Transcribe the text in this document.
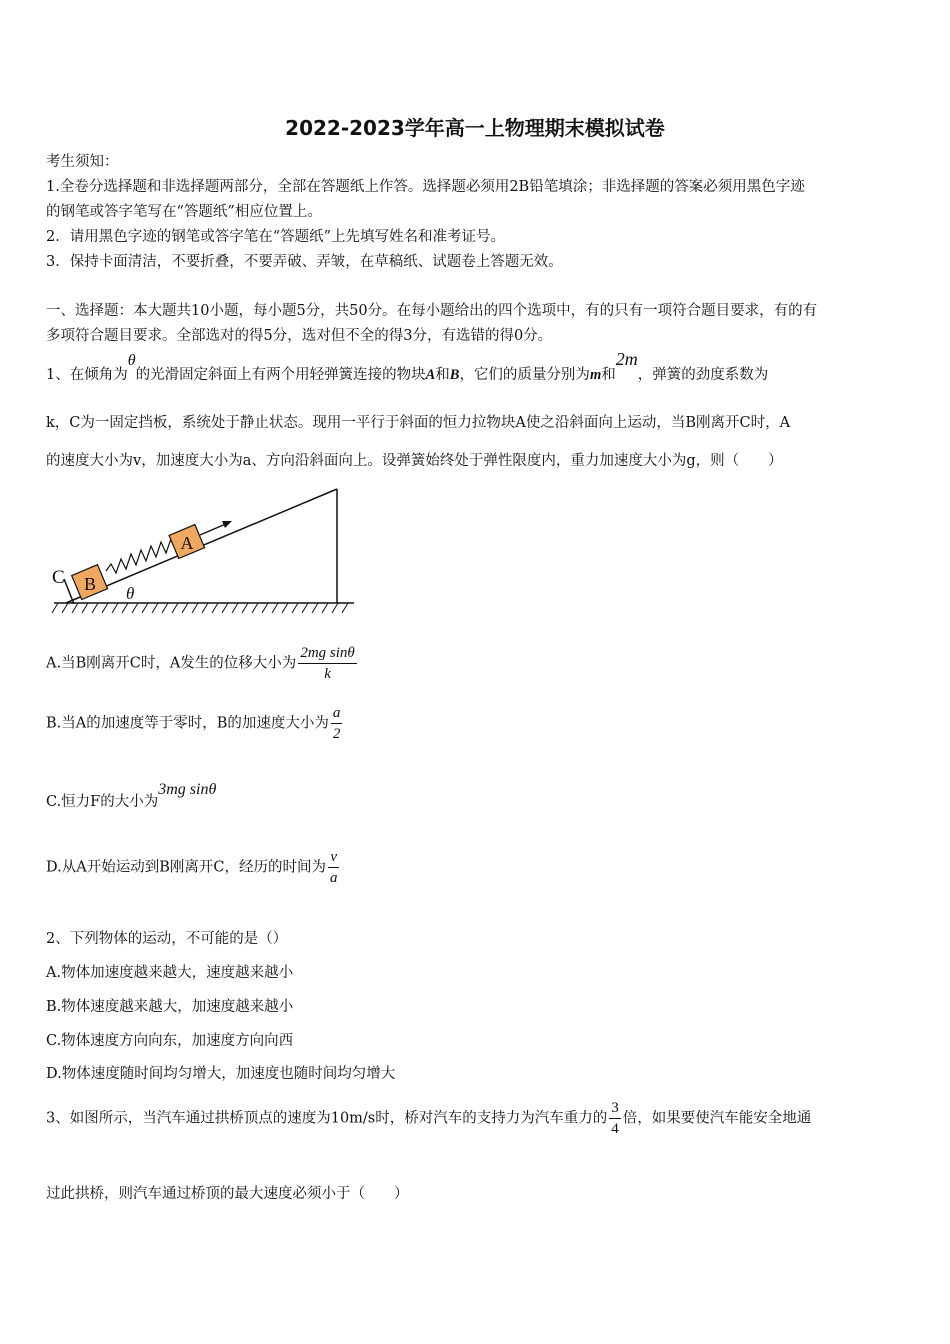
2022-2023学年高一上物理期末模拟试卷
考生须知：
1.全卷分选择题和非选择题两部分，全部在答题纸上作答。选择题必须用2B铅笔填涂；非选择题的答案必须用黑色字迹
的钢笔或答字笔写在“答题纸”相应位置上。
2．请用黑色字迹的钢笔或答字笔在“答题纸”上先填写姓名和准考证号。
3．保持卡面清洁，不要折叠，不要弄破、弄皱，在草稿纸、试题卷上答题无效。
一、选择题：本大题共10小题，每小题5分，共50分。在每小题给出的四个选项中，有的只有一项符合题目要求，有的有
多项符合题目要求。全部选对的得5分，选对但不全的得3分，有选错的得0分。
1、在倾角为θ的光滑固定斜面上有两个用轻弹簧连接的物块A和B，它们的质量分别为m和2m，弹簧的劲度系数为
k，C为一固定挡板，系统处于静止状态。现用一平行于斜面的恒力拉物块A使之沿斜面向上运动，当B刚离开C时，A
的速度大小为v，加速度大小为a、方向沿斜面向上。设弹簧始终处于弹性限度内，重力加速度大小为g，则（　　）
B
A
C
θ
A.当B刚离开C时，A发生的位移大小为 $\frac{\text{2mg sinθ}}{k}$
B.当A的加速度等于零时，B的加速度大小为 $\frac{a}{2}$
C.恒力F的大小为3mg sinθ
D.从A开始运动到B刚离开C，经历的时间为 $\frac{v}{a}$
2、下列物体的运动，不可能的是（）
A.物体加速度越来越大，速度越来越小
B.物体速度越来越大，加速度越来越小
C.物体速度方向向东，加速度方向向西
D.物体速度随时间均匀增大，加速度也随时间均匀增大
3、如图所示，当汽车通过拱桥顶点的速度为10m/s时，桥对汽车的支持力为汽车重力的 $\frac{3}{4}$ 倍，如果要使汽车能安全地通
过此拱桥，则汽车通过桥顶的最大速度必须小于（　　）
